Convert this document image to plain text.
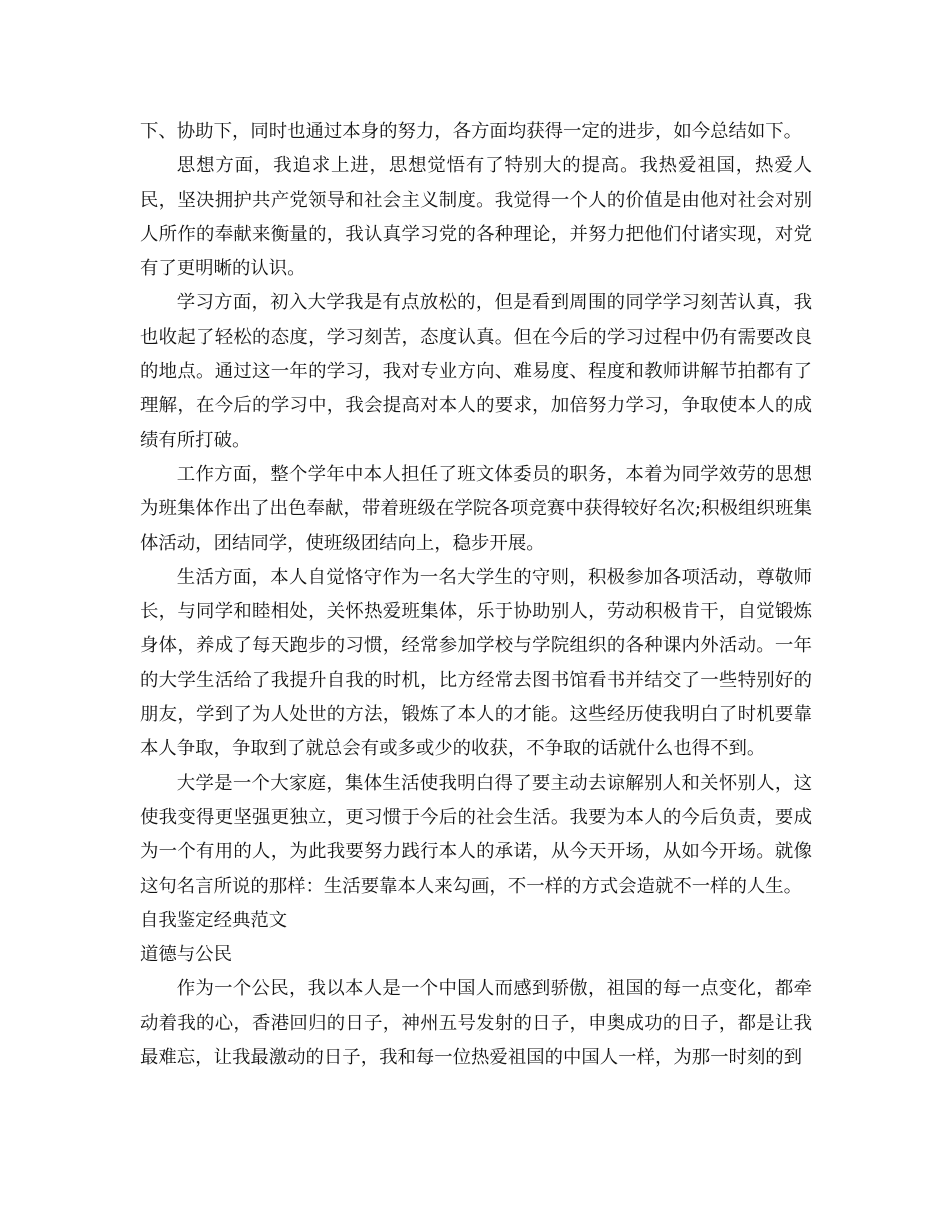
下、协助下，同时也通过本身的努力，各方面均获得一定的进步，如今总结如下。

思想方面，我追求上进，思想觉悟有了特别大的提高。我热爱祖国，热爱人民，坚决拥护共产党领导和社会主义制度。我觉得一个人的价值是由他对社会对别人所作的奉献来衡量的，我认真学习党的各种理论，并努力把他们付诸实现，对党有了更明晰的认识。

学习方面，初入大学我是有点放松的，但是看到周围的同学学习刻苦认真，我也收起了轻松的态度，学习刻苦，态度认真。但在今后的学习过程中仍有需要改良的地点。通过这一年的学习，我对专业方向、难易度、程度和教师讲解节拍都有了理解，在今后的学习中，我会提高对本人的要求，加倍努力学习，争取使本人的成绩有所打破。

工作方面，整个学年中本人担任了班文体委员的职务，本着为同学效劳的思想为班集体作出了出色奉献，带着班级在学院各项竞赛中获得较好名次;积极组织班集体活动，团结同学，使班级团结向上，稳步开展。

生活方面，本人自觉恪守作为一名大学生的守则，积极参加各项活动，尊敬师长，与同学和睦相处，关怀热爱班集体，乐于协助别人，劳动积极肯干，自觉锻炼身体，养成了每天跑步的习惯，经常参加学校与学院组织的各种课内外活动。一年的大学生活给了我提升自我的时机，比方经常去图书馆看书并结交了一些特别好的朋友，学到了为人处世的方法，锻炼了本人的才能。这些经历使我明白了时机要靠本人争取，争取到了就总会有或多或少的收获，不争取的话就什么也得不到。

大学是一个大家庭，集体生活使我明白得了要主动去谅解别人和关怀别人，这使我变得更坚强更独立，更习惯于今后的社会生活。我要为本人的今后负责，要成为一个有用的人，为此我要努力践行本人的承诺，从今天开场，从如今开场。就像这句名言所说的那样：生活要靠本人来勾画，不一样的方式会造就不一样的人生。

自我鉴定经典范文

道德与公民

作为一个公民，我以本人是一个中国人而感到骄傲，祖国的每一点变化，都牵动着我的心，香港回归的日子，神州五号发射的日子，申奥成功的日子，都是让我最难忘，让我最激动的日子，我和每一位热爱祖国的中国人一样，为那一时刻的到
